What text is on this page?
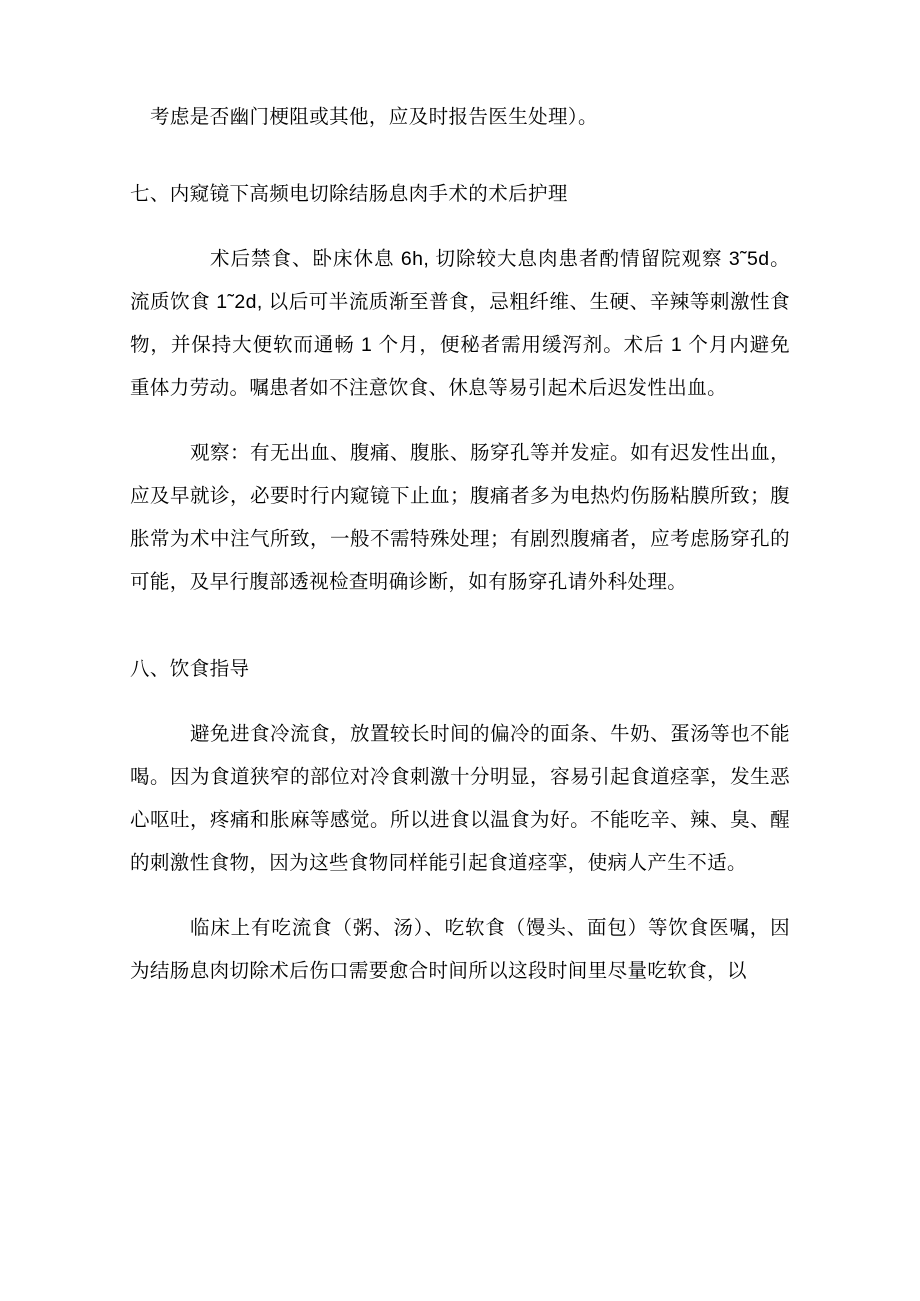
考虑是否幽门梗阻或其他，应及时报告医生处理）。

七、内窥镜下高频电切除结肠息肉手术的术后护理

术后禁食、卧床休息 6h, 切除较大息肉患者酌情留院观察 3˜5d。流质饮食 1˜2d, 以后可半流质渐至普食，忌粗纤维、生硬、辛辣等刺激性食物，并保持大便软而通畅 1 个月，便秘者需用缓泻剂。术后 1 个月内避免重体力劳动。嘱患者如不注意饮食、休息等易引起术后迟发性出血。

观察：有无出血、腹痛、腹胀、肠穿孔等并发症。如有迟发性出血，应及早就诊，必要时行内窥镜下止血；腹痛者多为电热灼伤肠粘膜所致；腹胀常为术中注气所致，一般不需特殊处理；有剧烈腹痛者，应考虑肠穿孔的可能，及早行腹部透视检查明确诊断，如有肠穿孔请外科处理。

八、饮食指导

避免进食冷流食，放置较长时间的偏冷的面条、牛奶、蛋汤等也不能喝。因为食道狭窄的部位对冷食刺激十分明显，容易引起食道痉挛，发生恶心呕吐，疼痛和胀麻等感觉。所以进食以温食为好。不能吃辛、辣、臭、醒的刺激性食物，因为这些食物同样能引起食道痉挛，使病人产生不适。

临床上有吃流食（粥、汤）、吃软食（馒头、面包）等饮食医嘱，因为结肠息肉切除术后伤口需要愈合时间所以这段时间里尽量吃软食，以
